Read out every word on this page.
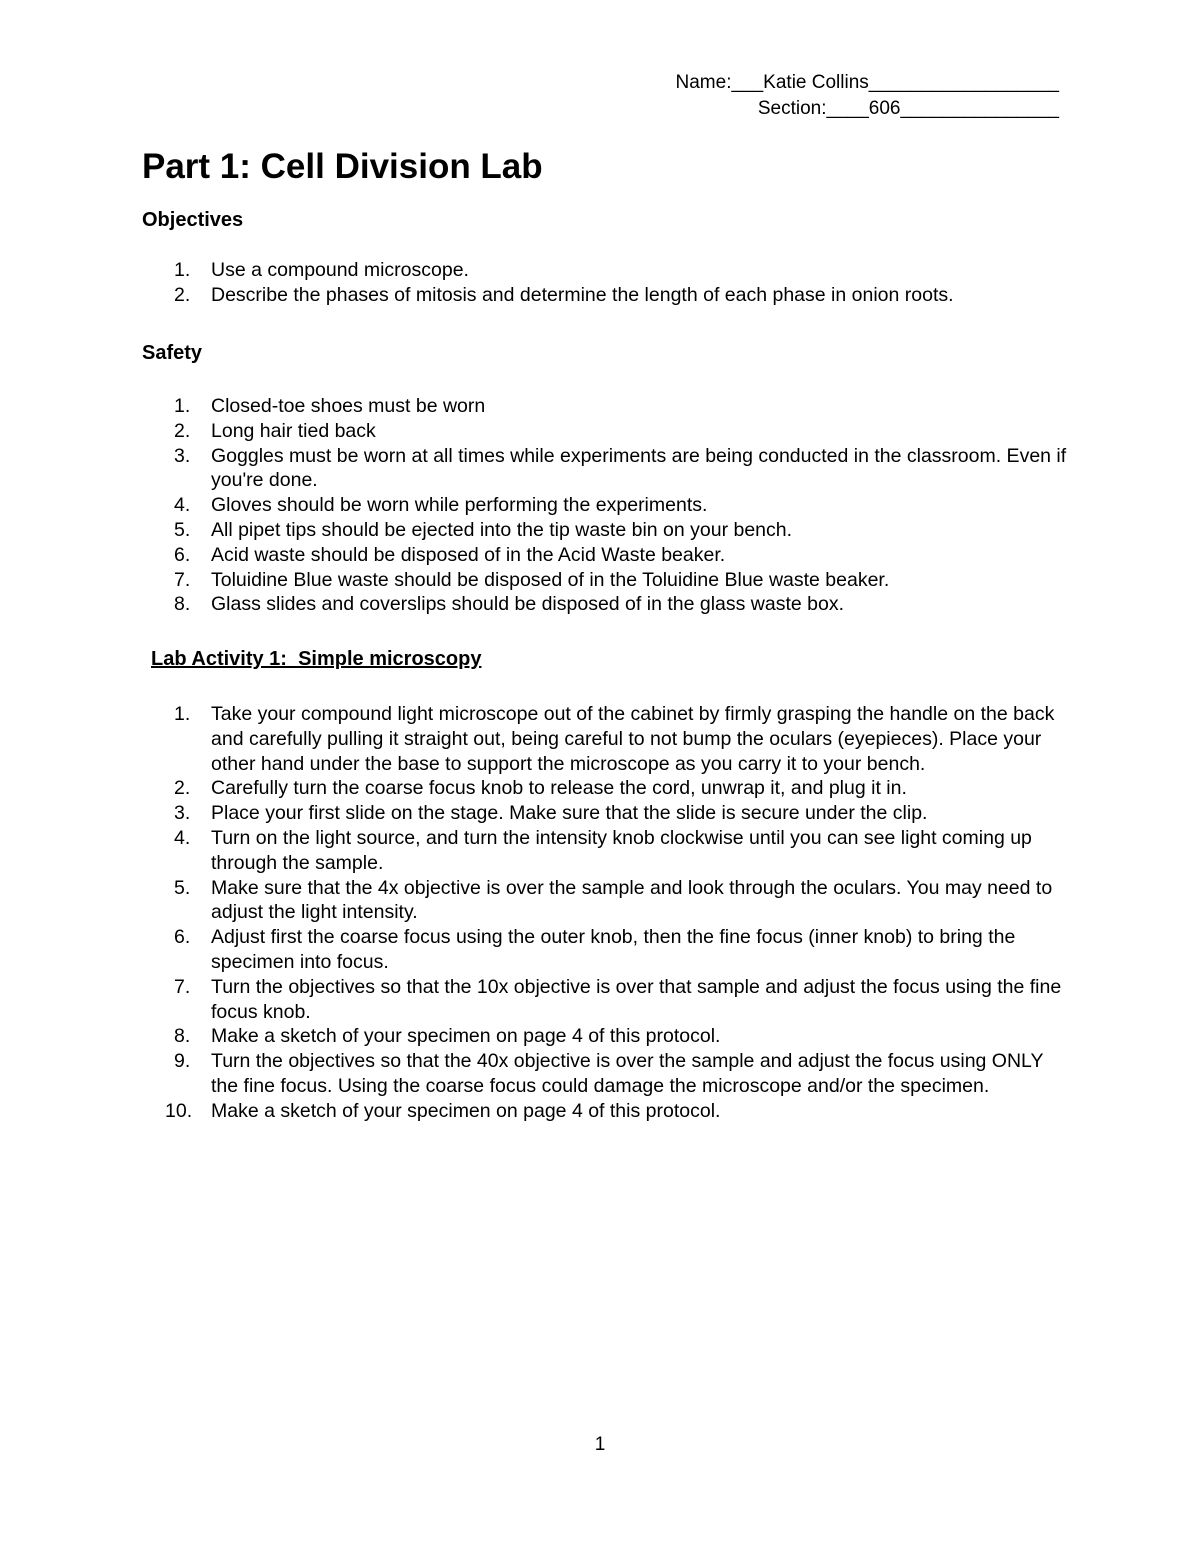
Name:___Katie Collins__________________
Section:____606_______________
Part 1: Cell Division Lab
Objectives
1. Use a compound microscope.
2. Describe the phases of mitosis and determine the length of each phase in onion roots.
Safety
1. Closed-toe shoes must be worn
2. Long hair tied back
3. Goggles must be worn at all times while experiments are being conducted in the classroom. Even if you're done.
4. Gloves should be worn while performing the experiments.
5. All pipet tips should be ejected into the tip waste bin on your bench.
6. Acid waste should be disposed of in the Acid Waste beaker.
7. Toluidine Blue waste should be disposed of in the Toluidine Blue waste beaker.
8. Glass slides and coverslips should be disposed of in the glass waste box.
Lab Activity 1:  Simple microscopy
1. Take your compound light microscope out of the cabinet by firmly grasping the handle on the back and carefully pulling it straight out, being careful to not bump the oculars (eyepieces). Place your other hand under the base to support the microscope as you carry it to your bench.
2. Carefully turn the coarse focus knob to release the cord, unwrap it, and plug it in.
3. Place your first slide on the stage. Make sure that the slide is secure under the clip.
4. Turn on the light source, and turn the intensity knob clockwise until you can see light coming up through the sample.
5. Make sure that the 4x objective is over the sample and look through the oculars. You may need to adjust the light intensity.
6. Adjust first the coarse focus using the outer knob, then the fine focus (inner knob) to bring the specimen into focus.
7. Turn the objectives so that the 10x objective is over that sample and adjust the focus using the fine focus knob.
8. Make a sketch of your specimen on page 4 of this protocol.
9. Turn the objectives so that the 40x objective is over the sample and adjust the focus using ONLY the fine focus. Using the coarse focus could damage the microscope and/or the specimen.
10. Make a sketch of your specimen on page 4 of this protocol.
1
